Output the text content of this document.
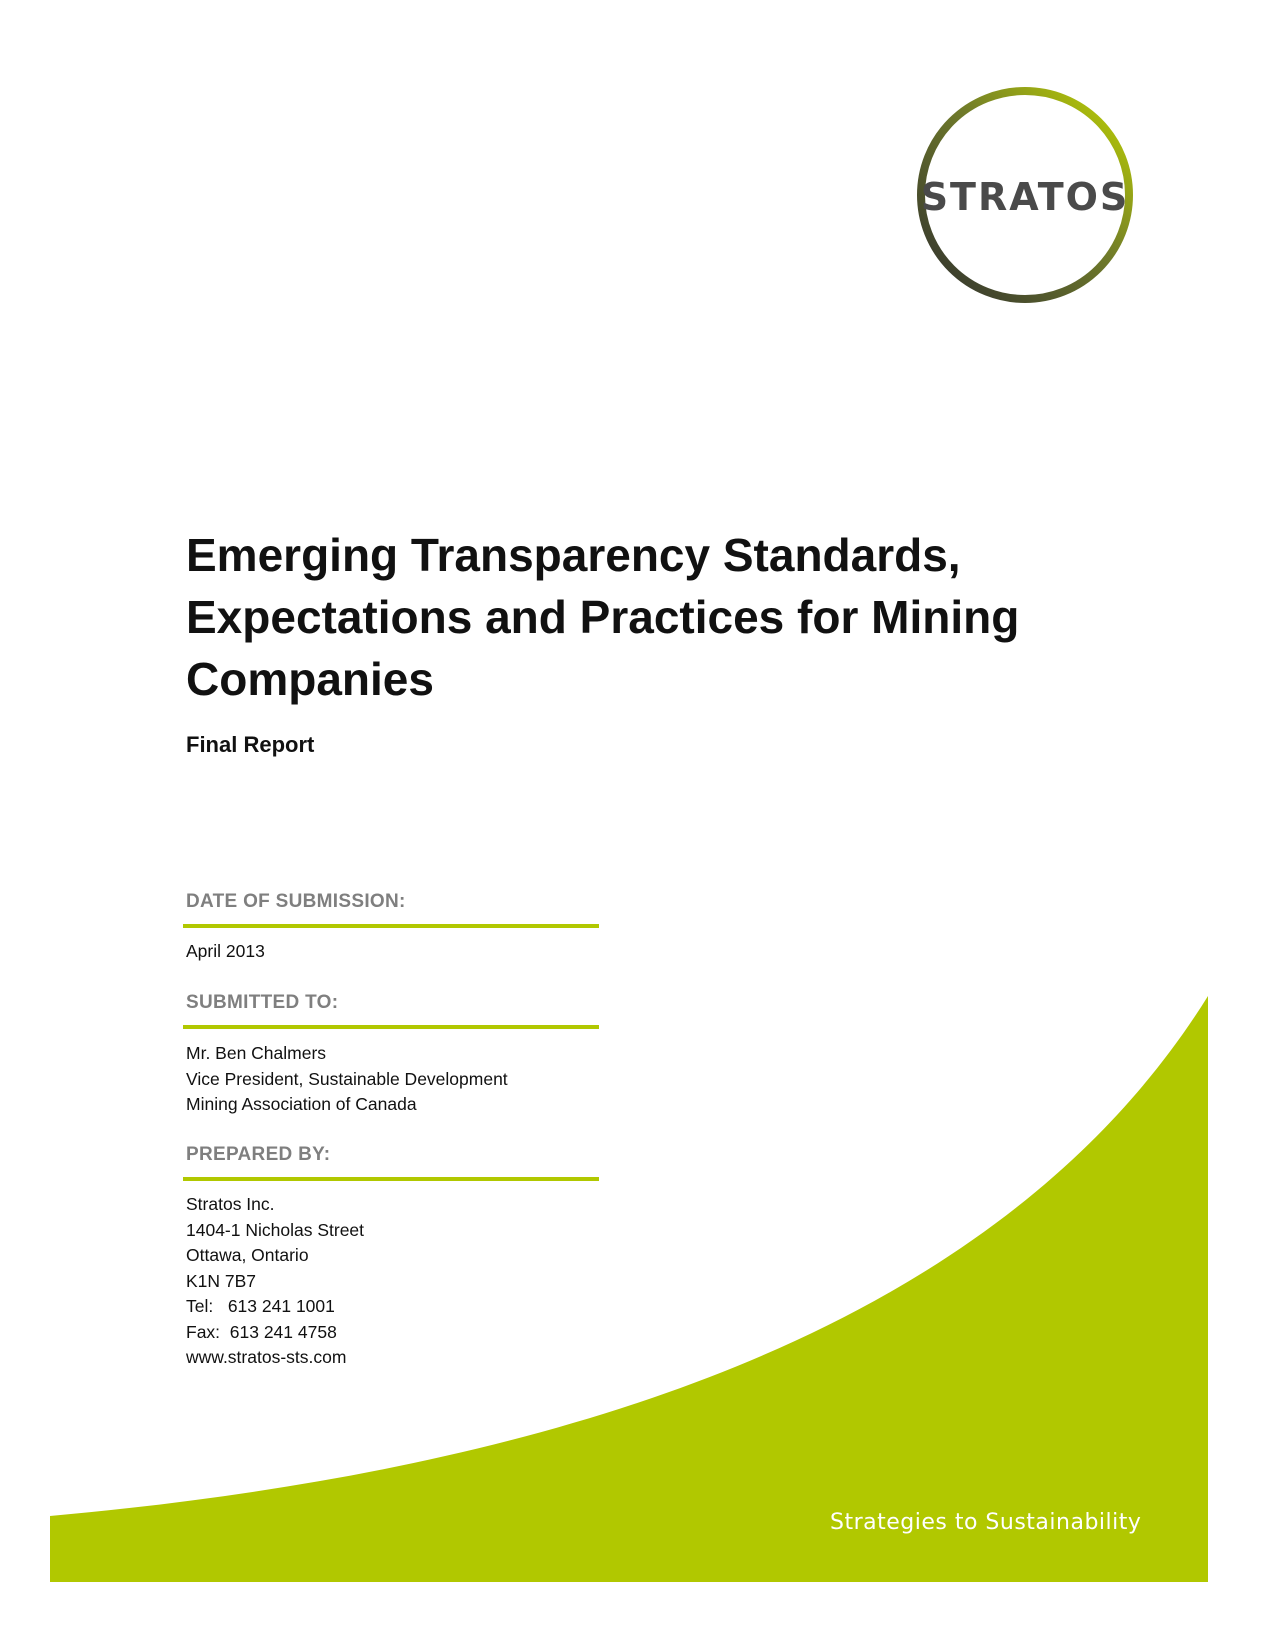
STRATOS
Emerging Transparency Standards, Expectations and Practices for Mining Companies

Final Report

DATE OF SUBMISSION:
April 2013
SUBMITTED TO:
Mr. Ben Chalmers
Vice President, Sustainable Development
Mining Association of Canada
PREPARED BY:
Stratos Inc.
1404-1 Nicholas Street
Ottawa, Ontario
K1N 7B7
Tel:   613 241 1001
Fax:  613 241 4758
www.stratos-sts.com
Strategies to Sustainability
